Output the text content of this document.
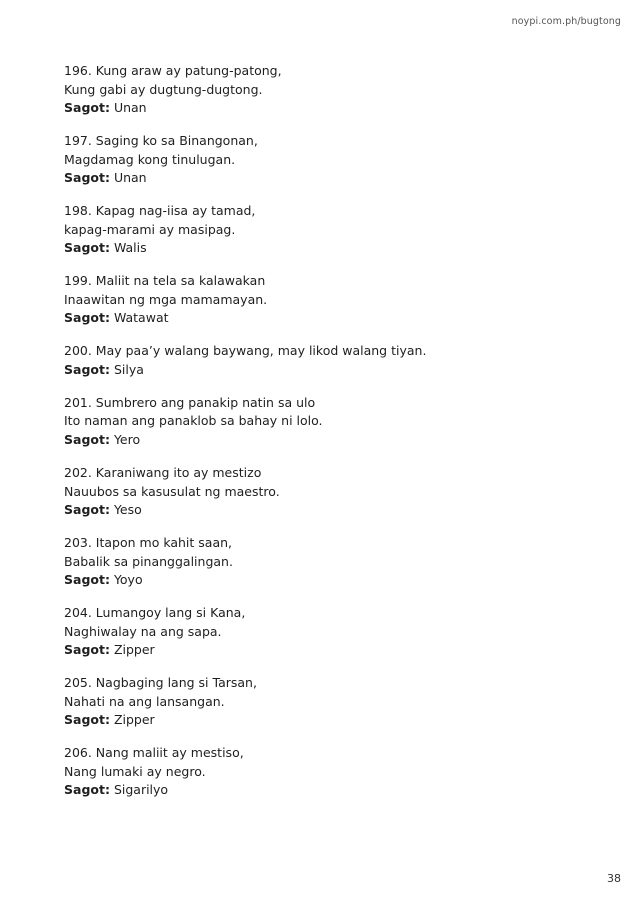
noypi.com.ph/bugtong
196. Kung araw ay patung-patong,
Kung gabi ay dugtung-dugtong.
Sagot: Unan
197. Saging ko sa Binangonan,
Magdamag kong tinulugan.
Sagot: Unan
198. Kapag nag-iisa ay tamad,
kapag-marami ay masipag.
Sagot: Walis
199. Maliit na tela sa kalawakan
Inaawitan ng mga mamamayan.
Sagot: Watawat
200. May paa’y walang baywang, may likod walang tiyan.
Sagot: Silya
201. Sumbrero ang panakip natin sa ulo
Ito naman ang panaklob sa bahay ni lolo.
Sagot: Yero
202. Karaniwang ito ay mestizo
Nauubos sa kasusulat ng maestro.
Sagot: Yeso
203. Itapon mo kahit saan,
Babalik sa pinanggalingan.
Sagot: Yoyo
204. Lumangoy lang si Kana,
Naghiwalay na ang sapa.
Sagot: Zipper
205. Nagbaging lang si Tarsan,
Nahati na ang lansangan.
Sagot: Zipper
206. Nang maliit ay mestiso,
Nang lumaki ay negro.
Sagot: Sigarilyo
38
